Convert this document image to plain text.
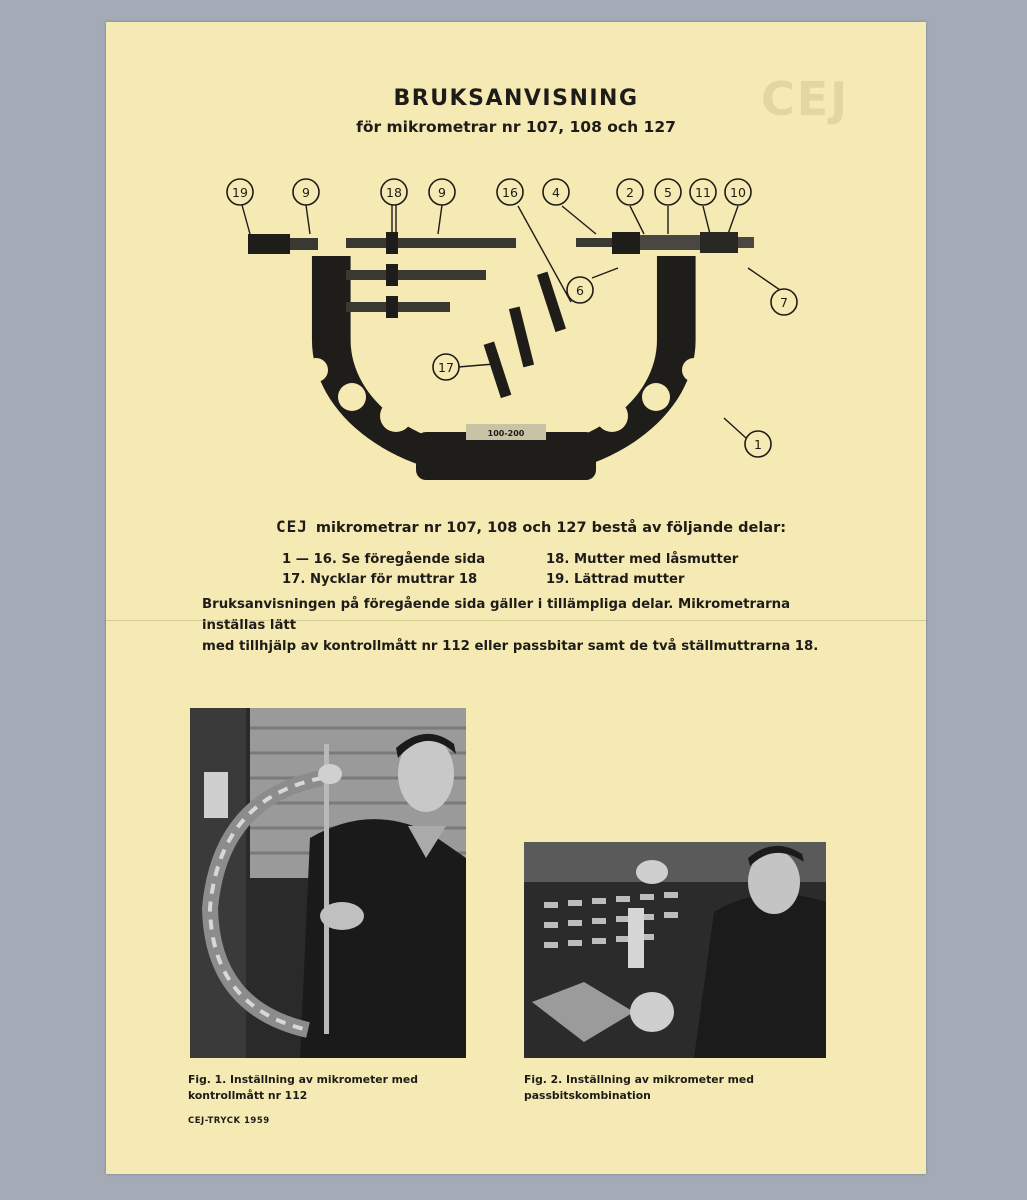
CEJ
BRUKSANVISNING
för mikrometrar nr 107, 108 och 127
100-200
19	9	18	9	16	4	2 5 11 10
6
7
17
1
CEJ mikrometrar nr 107, 108 och 127 bestå av följande delar:
1 — 16. Se föregående sida
17. Nycklar för muttrar 18
18. Mutter med låsmutter
19. Lättrad mutter
Bruksanvisningen på föregående sida gäller i tillämpliga delar. Mikrometrarna inställas lätt
med tillhjälp av kontrollmått nr 112 eller passbitar samt de två ställmuttrarna 18.
Fig. 1. Inställning av mikrometer med
kontrollmått nr 112
Fig. 2. Inställning av mikrometer med
passbitskombination
CEJ-TRYCK 1959
